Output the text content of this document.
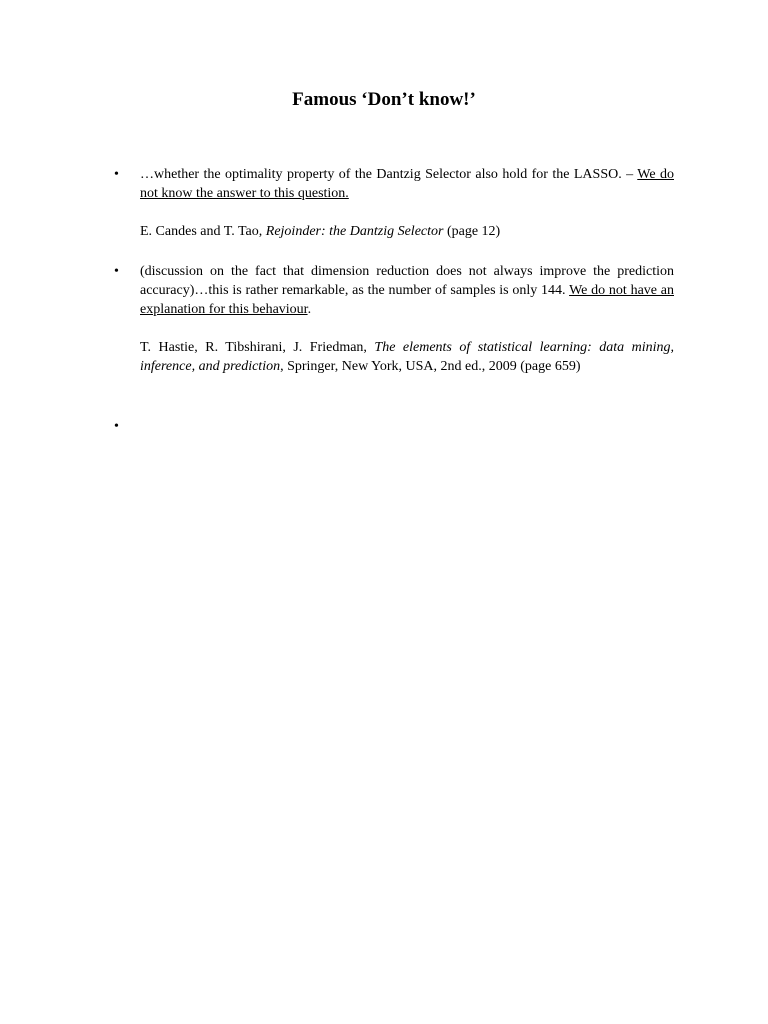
Famous ‘Don’t know!’
•	…whether the optimality property of the Dantzig Selector also hold for the LASSO. – We do not know the answer to this question.
E. Candes and T. Tao, Rejoinder: the Dantzig Selector (page 12)
•	(discussion on the fact that dimension reduction does not always improve the prediction accuracy)…this is rather remarkable, as the number of samples is only 144. We do not have an explanation for this behaviour.
T. Hastie, R. Tibshirani, J. Friedman, The elements of statistical learning: data mining, inference, and prediction, Springer, New York, USA, 2nd ed., 2009 (page 659)
•
